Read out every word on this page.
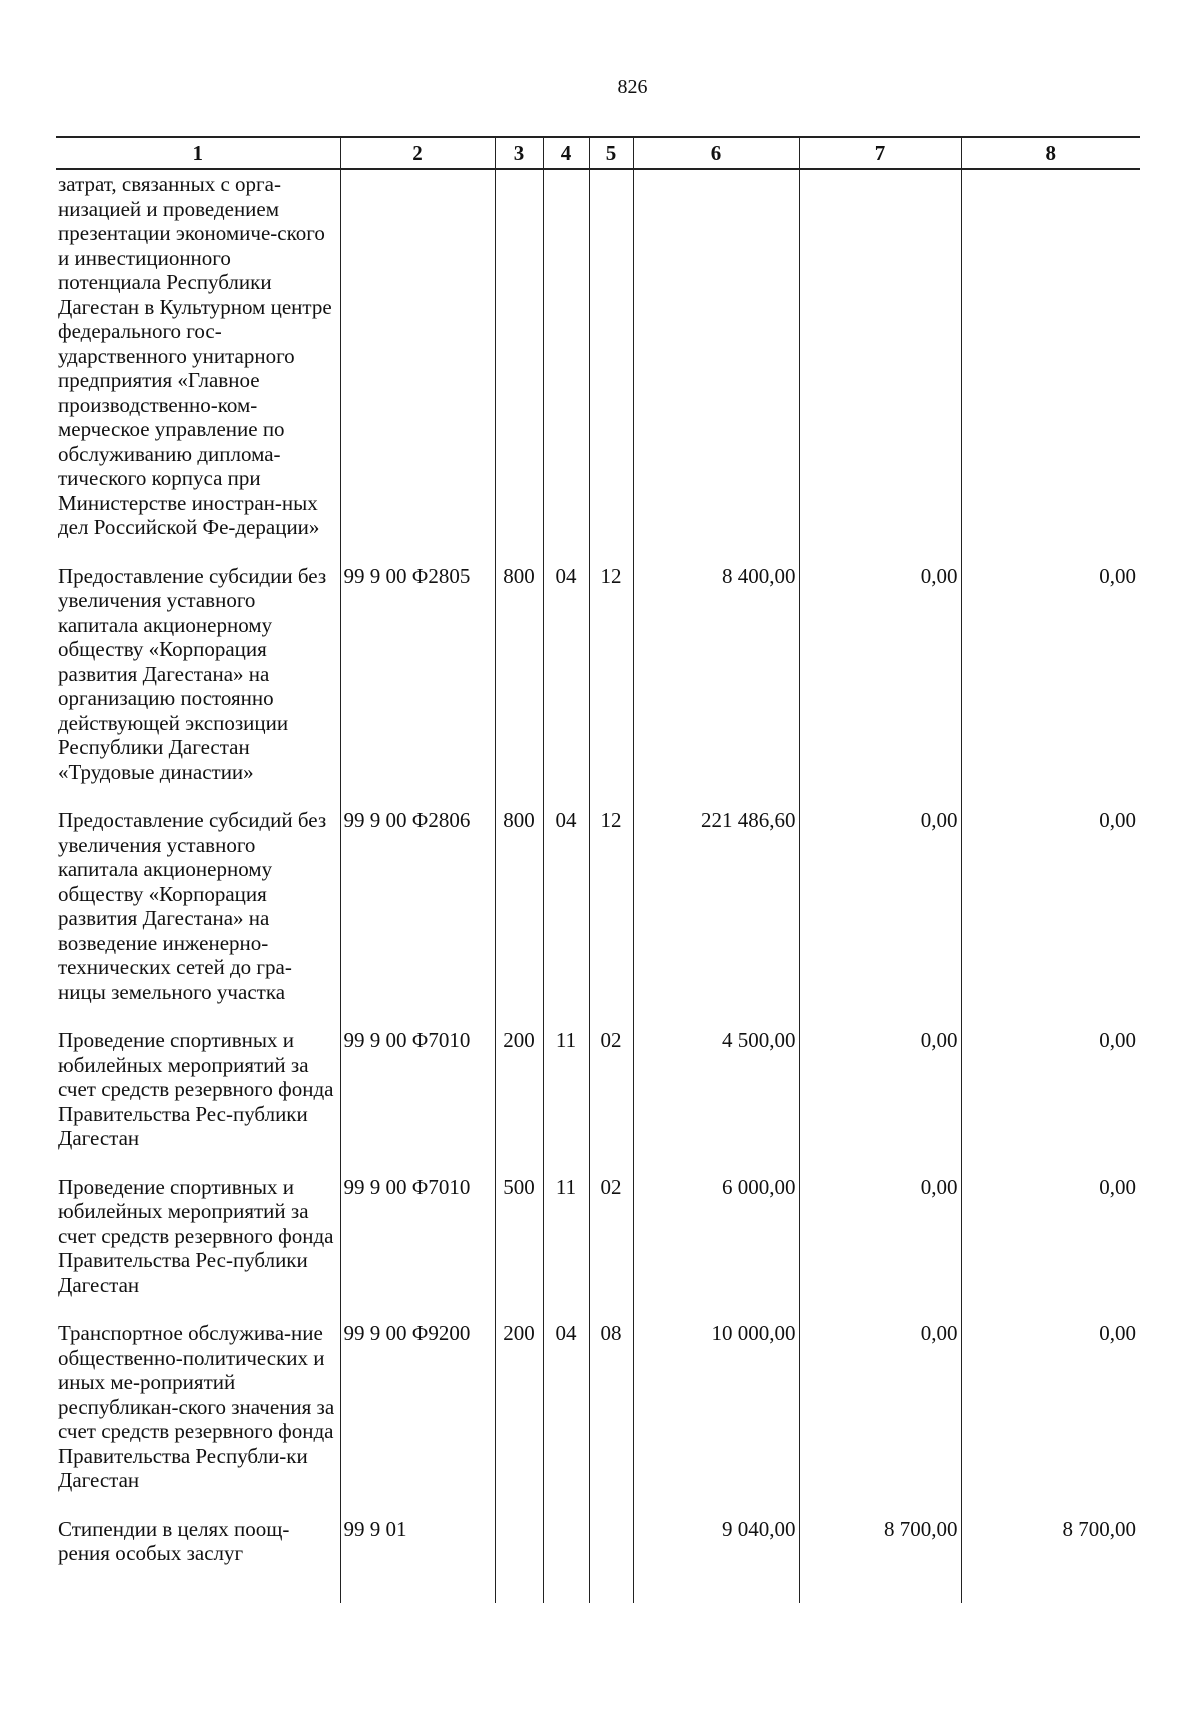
826
1	2	3	4	5	6	7	8
затрат, связанных с орга-низацией и проведением презентации экономиче-ского и инвестиционного потенциала Республики Дагестан в Культурном центре федерального гос-ударственного унитарного предприятия «Главное производственно-ком-мерческое управление по обслуживанию диплома-тического корпуса при Министерстве иностран-ных дел Российской Фе-дерации»							
Предоставление субсидии без увеличения уставного капитала акционерному обществу «Корпорация развития Дагестана» на организацию постоянно действующей экспозиции Республики Дагестан «Трудовые династии»	99 9 00 Ф2805	800	04	12	8 400,00	0,00	0,00
Предоставление субсидий без увеличения уставного капитала акционерному обществу «Корпорация развития Дагестана» на возведение инженерно-технических сетей до гра-ницы земельного участка	99 9 00 Ф2806	800	04	12	221 486,60	0,00	0,00
Проведение спортивных и юбилейных мероприятий за счет средств резервного фонда Правительства Рес-публики Дагестан	99 9 00 Ф7010	200	11	02	4 500,00	0,00	0,00
Проведение спортивных и юбилейных мероприятий за счет средств резервного фонда Правительства Рес-публики Дагестан	99 9 00 Ф7010	500	11	02	6 000,00	0,00	0,00
Транспортное обслужива-ние общественно-политических и иных ме-роприятий республикан-ского значения за счет средств резервного фонда Правительства Республи-ки Дагестан	99 9 00 Ф9200	200	04	08	10 000,00	0,00	0,00
Стипендии в целях поощ-рения особых заслуг	99 9 01				9 040,00	8 700,00	8 700,00
